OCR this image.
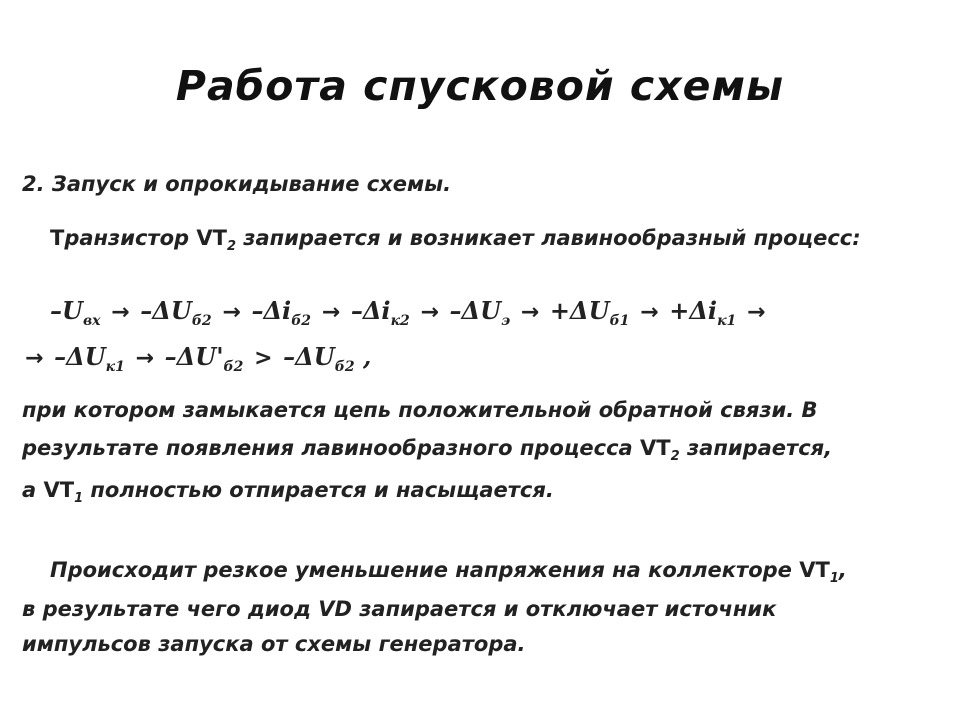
Работа спусковой схемы
2. Запуск и опрокидывание схемы.
Транзистор $VT_2$ запирается и возникает лавинообразный процесс:
$-U_{вх} \to -\Delta U_{б2} \to -\Delta i_{б2} \to -\Delta i_{к2} \to -\Delta U_э \to +\Delta U_{б1} \to +\Delta i_{к1}$ →
→ $-\Delta U_{к1} \to -\Delta U'_{б2} > -\Delta U_{б2}$ ,
при котором замыкается цепь положительной обратной связи. В
результате появления лавинообразного процесса $VT_2$ запирается,
а $VT_1$ полностью отпирается и насыщается.
Происходит резкое уменьшение напряжения на коллекторе $VT_1$,
в результате чего диод VD запирается и отключает источник
импульсов запуска от схемы генератора.
